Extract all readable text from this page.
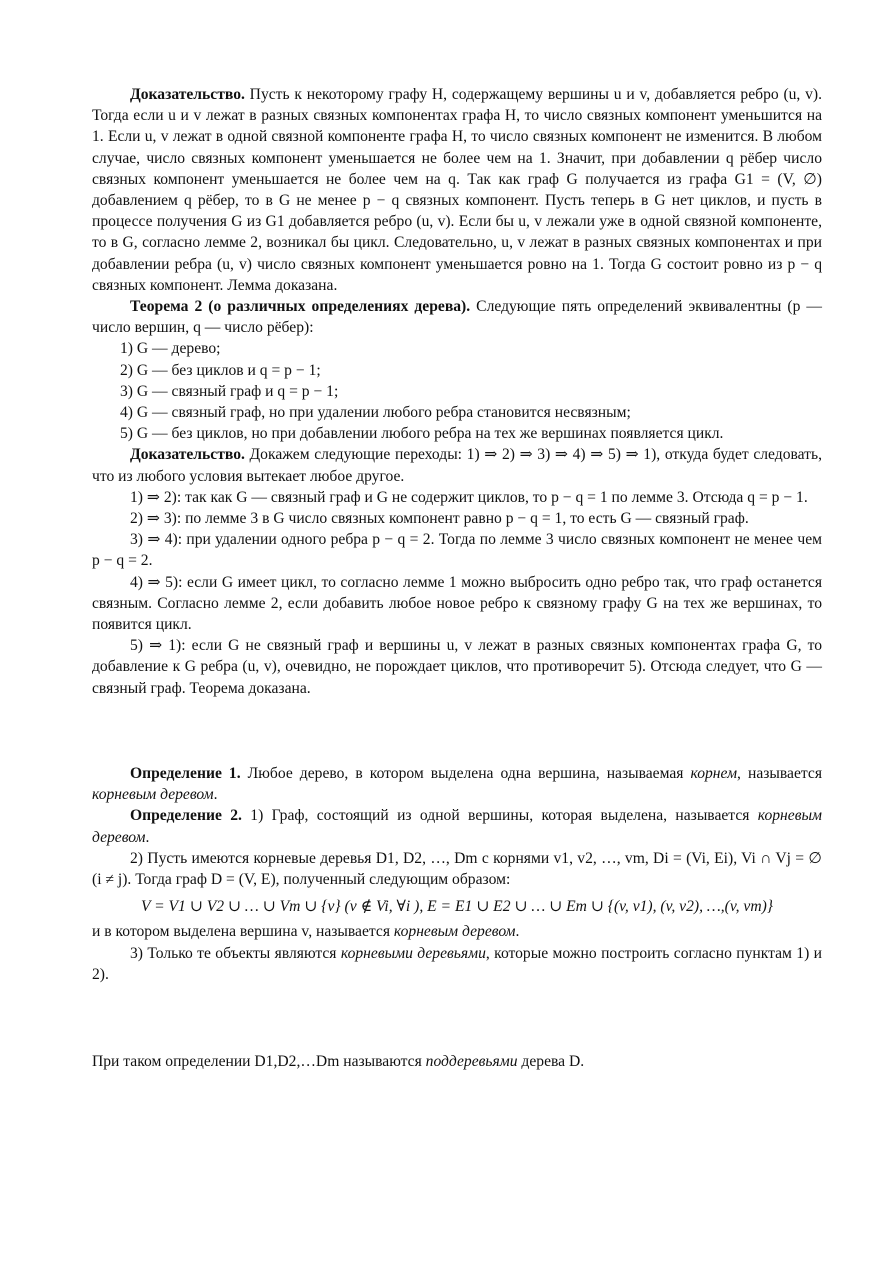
Доказательство. Пусть к некоторому графу H, содержащему вершины u и v, добавляется ребро (u, v). Тогда если u и v лежат в разных связных компонентах графа H, то число связных компонент уменьшится на 1. Если u, v лежат в одной связной компоненте графа H, то число связных компонент не изменится. В любом случае, число связных компонент уменьшается не более чем на 1. Значит, при добавлении q рёбер число связных компонент уменьшается не более чем на q. Так как граф G получается из графа G1 = (V, ∅) добавлением q рёбер, то в G не менее p − q связных компонент. Пусть теперь в G нет циклов, и пусть в процессе получения G из G1 добавляется ребро (u, v). Если бы u, v лежали уже в одной связной компоненте, то в G, согласно лемме 2, возникал бы цикл. Следовательно, u, v лежат в разных связных компонентах и при добавлении ребра (u, v) число связных компонент уменьшается ровно на 1. Тогда G состоит ровно из p − q связных компонент. Лемма доказана.

Теорема 2 (о различных определениях дерева). Следующие пять определений эквивалентны (p — число вершин, q — число рёбер):

1) G — дерево;

2) G — без циклов и q = p − 1;

3) G — связный граф и q = p − 1;

4) G — связный граф, но при удалении любого ребра становится несвязным;

5) G — без циклов, но при добавлении любого ребра на тех же вершинах появляется цикл.

Доказательство. Докажем следующие переходы: 1) ⇒ 2) ⇒ 3) ⇒ 4) ⇒ 5) ⇒ 1), откуда будет следовать, что из любого условия вытекает любое другое.

1) ⇒ 2): так как G — связный граф и G не содержит циклов, то p − q = 1 по лемме 3. Отсюда q = p − 1.

2) ⇒ 3): по лемме 3 в G число связных компонент равно p − q = 1, то есть G — связный граф.

3) ⇒ 4): при удалении одного ребра p − q = 2. Тогда по лемме 3 число связных компонент не менее чем p − q = 2.

4) ⇒ 5): если G имеет цикл, то согласно лемме 1 можно выбросить одно ребро так, что граф останется связным. Согласно лемме 2, если добавить любое новое ребро к связному графу G на тех же вершинах, то появится цикл.

5) ⇒ 1): если G не связный граф и вершины u, v лежат в разных связных компонентах графа G, то добавление к G ребра (u, v), очевидно, не порождает циклов, что противоречит 5). Отсюда следует, что G — связный граф. Теорема доказана.

Определение 1. Любое дерево, в котором выделена одна вершина, называемая корнем, называется корневым деревом.

Определение 2. 1) Граф, состоящий из одной вершины, которая выделена, называется корневым деревом.

2) Пусть имеются корневые деревья D1, D2, …, Dm с корнями v1, v2, …, vm, Di = (Vi, Ei), Vi ∩ Vj = ∅ (i ≠ j). Тогда граф D = (V, E), полученный следующим образом:

V = V1 ∪ V2 ∪ … ∪ Vm ∪ {v} (v ∉ Vi, ∀i ), E = E1 ∪ E2 ∪ … ∪ Em ∪ {(v, v1), (v, v2), …,(v, vm)}

и в котором выделена вершина v, называется корневым деревом.

3) Только те объекты являются корневыми деревьями, которые можно построить согласно пунктам 1) и 2).

При таком определении D1,D2,…Dm называются поддеревьями дерева D.
